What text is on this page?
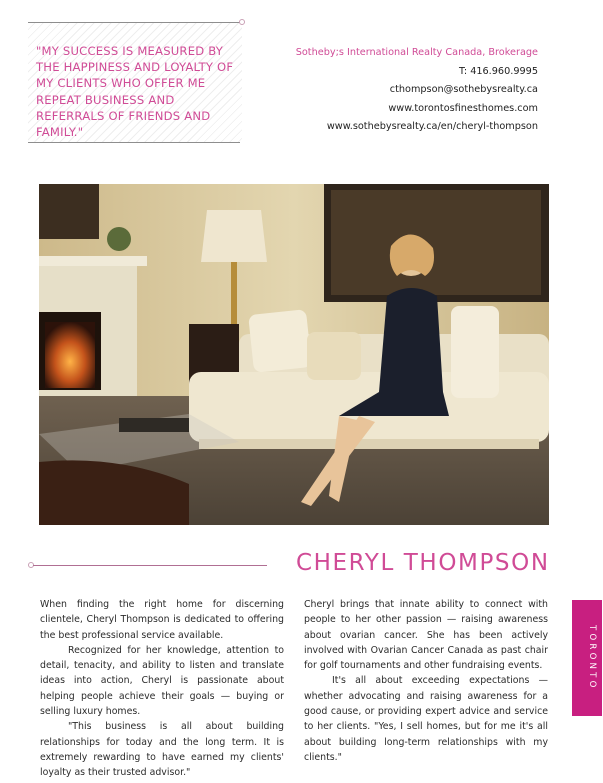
"MY SUCCESS IS MEASURED BY THE HAPPINESS AND LOYALTY OF MY CLIENTS WHO OFFER ME REPEAT BUSINESS AND REFERRALS OF FRIENDS AND FAMILY."
Sotheby;s International Realty Canada, Brokerage
T: 416.960.9995
cthompson@sothebysrealty.ca
www.torontosfinesthomes.com
www.sothebysrealty.ca/en/cheryl-thompson
CHERYL THOMPSON

When finding the right home for discerning clientele, Cheryl Thompson is dedicated to offering the best professional service available.

Recognized for her knowledge, attention to detail, tenacity, and ability to listen and translate ideas into action, Cheryl is passionate about helping people achieve their goals — buying or selling luxury homes.

"This business is all about building relationships for today and the long term. It is extremely rewarding to have earned my clients' loyalty as their trusted advisor."

Cheryl brings that innate ability to connect with people to her other passion — raising awareness about ovarian cancer. She has been actively involved with Ovarian Cancer Canada as past chair for golf tournaments and other fundraising events.

It's all about exceeding expectations — whether advocating and raising awareness for a good cause, or providing expert advice and service to her clients. "Yes, I sell homes, but for me it's all about building long-term relationships with my clients."

TORONTO
